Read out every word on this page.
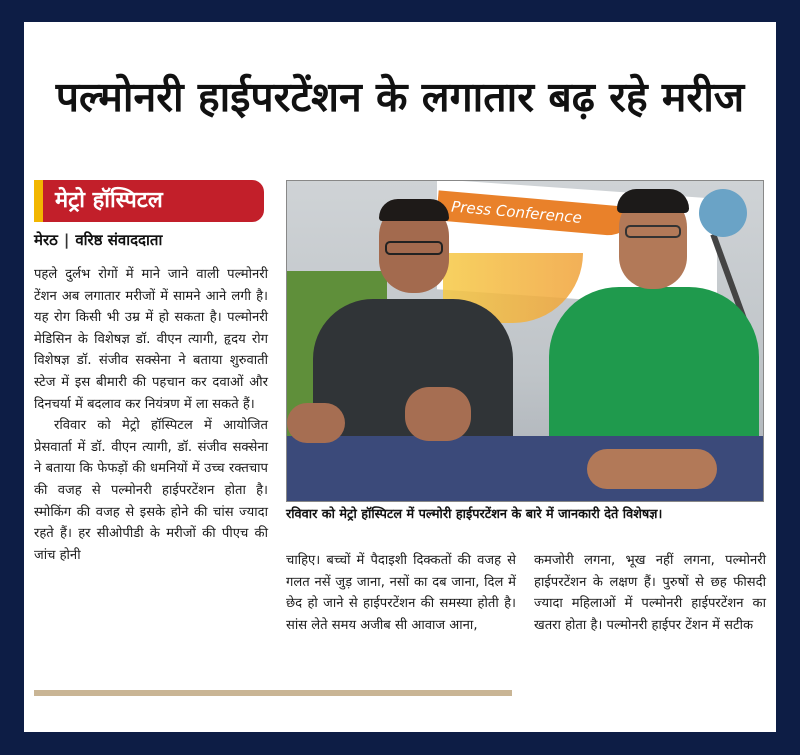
पल्मोनरी हाईपरटेंशन के लगातार बढ़ रहे मरीज
मेट्रो हॉस्पिटल
मेरठ | वरिष्ठ संवाददाता

पहले दुर्लभ रोगों में माने जाने वाली पल्मोनरी टेंशन अब लगातार मरीजों में सामने आने लगी है। यह रोग किसी भी उम्र में हो सकता है। पल्मोनरी मेडिसिन के विशेषज्ञ डॉ. वीएन त्यागी, हृदय रोग विशेषज्ञ डॉ. संजीव सक्सेना ने बताया शुरुवाती स्टेज में इस बीमारी की पहचान कर दवाओं और दिनचर्या में बदलाव कर नियंत्रण में ला सकते हैं।

रविवार को मेट्रो हॉस्पिटल में आयोजित प्रेसवार्ता में डॉ. वीएन त्यागी, डॉ. संजीव सक्सेना ने बताया कि फेफड़ों की धमनियों में उच्च रक्तचाप की वजह से पल्मोनरी हाईपरटेंशन होता है। स्मोकिंग की वजह से इसके होने की चांस ज्यादा रहते हैं। हर सीओपीडी के मरीजों की पीएच की जांच होनी

Press Conference
रविवार को मेट्रो हॉस्पिटल में पल्मोरी हाईपरटेंशन के बारे में जानकारी देते विशेषज्ञ।

चाहिए। बच्चों में पैदाइशी दिक्कतों की वजह से गलत नसें जुड़ जाना, नसों का दब जाना, दिल में छेद हो जाने से हाईपरटेंशन की समस्या होती है। सांस लेते समय अजीब सी आवाज आना,

कमजोरी लगना, भूख नहीं लगना, पल्मोनरी हाईपरटेंशन के लक्षण हैं। पुरुषों से छह फीसदी ज्यादा महिलाओं में पल्मोनरी हाईपरटेंशन का खतरा होता है। पल्मोनरी हाईपर टेंशन में सटीक
